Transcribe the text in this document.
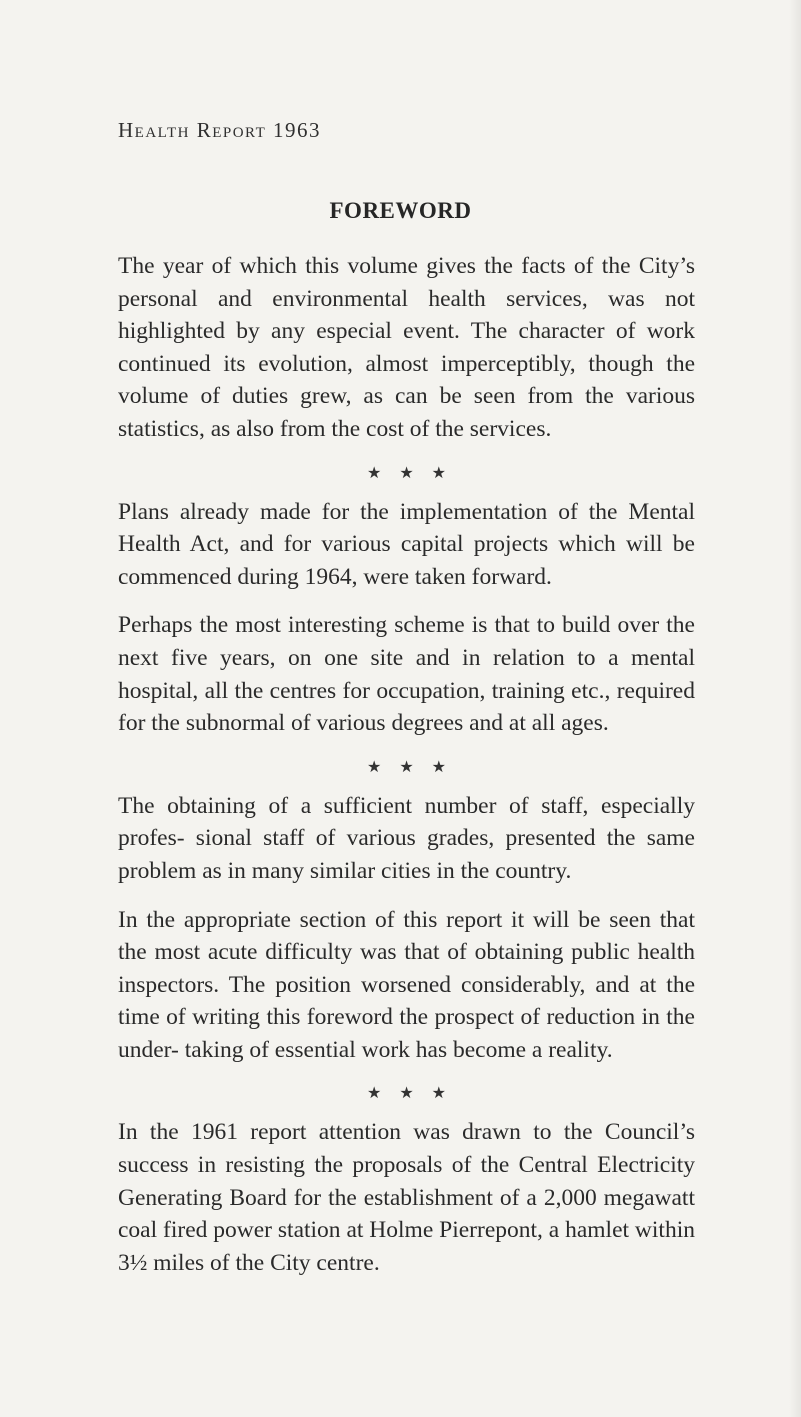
Health Report 1963
FOREWORD

The year of which this volume gives the facts of the City’s personal and environmental health services, was not highlighted by any especial event. The character of work continued its evolution, almost imperceptibly, though the volume of duties grew, as can be seen from the various statistics, as also from the cost of the services.

★★★

Plans already made for the implementation of the Mental Health Act, and for various capital projects which will be commenced during 1964, were taken forward.

Perhaps the most interesting scheme is that to build over the next five years, on one site and in relation to a mental hospital, all the centres for occupation, training etc., required for the subnormal of various degrees and at all ages.

★★★

The obtaining of a sufficient number of staff, especially profes- sional staff of various grades, presented the same problem as in many similar cities in the country.

In the appropriate section of this report it will be seen that the most acute difficulty was that of obtaining public health inspectors. The position worsened considerably, and at the time of writing this foreword the prospect of reduction in the under- taking of essential work has become a reality.

★★★

In the 1961 report attention was drawn to the Council’s success in resisting the proposals of the Central Electricity Generating Board for the establishment of a 2,000 megawatt coal fired power station at Holme Pierrepont, a hamlet within 3½ miles of the City centre.
